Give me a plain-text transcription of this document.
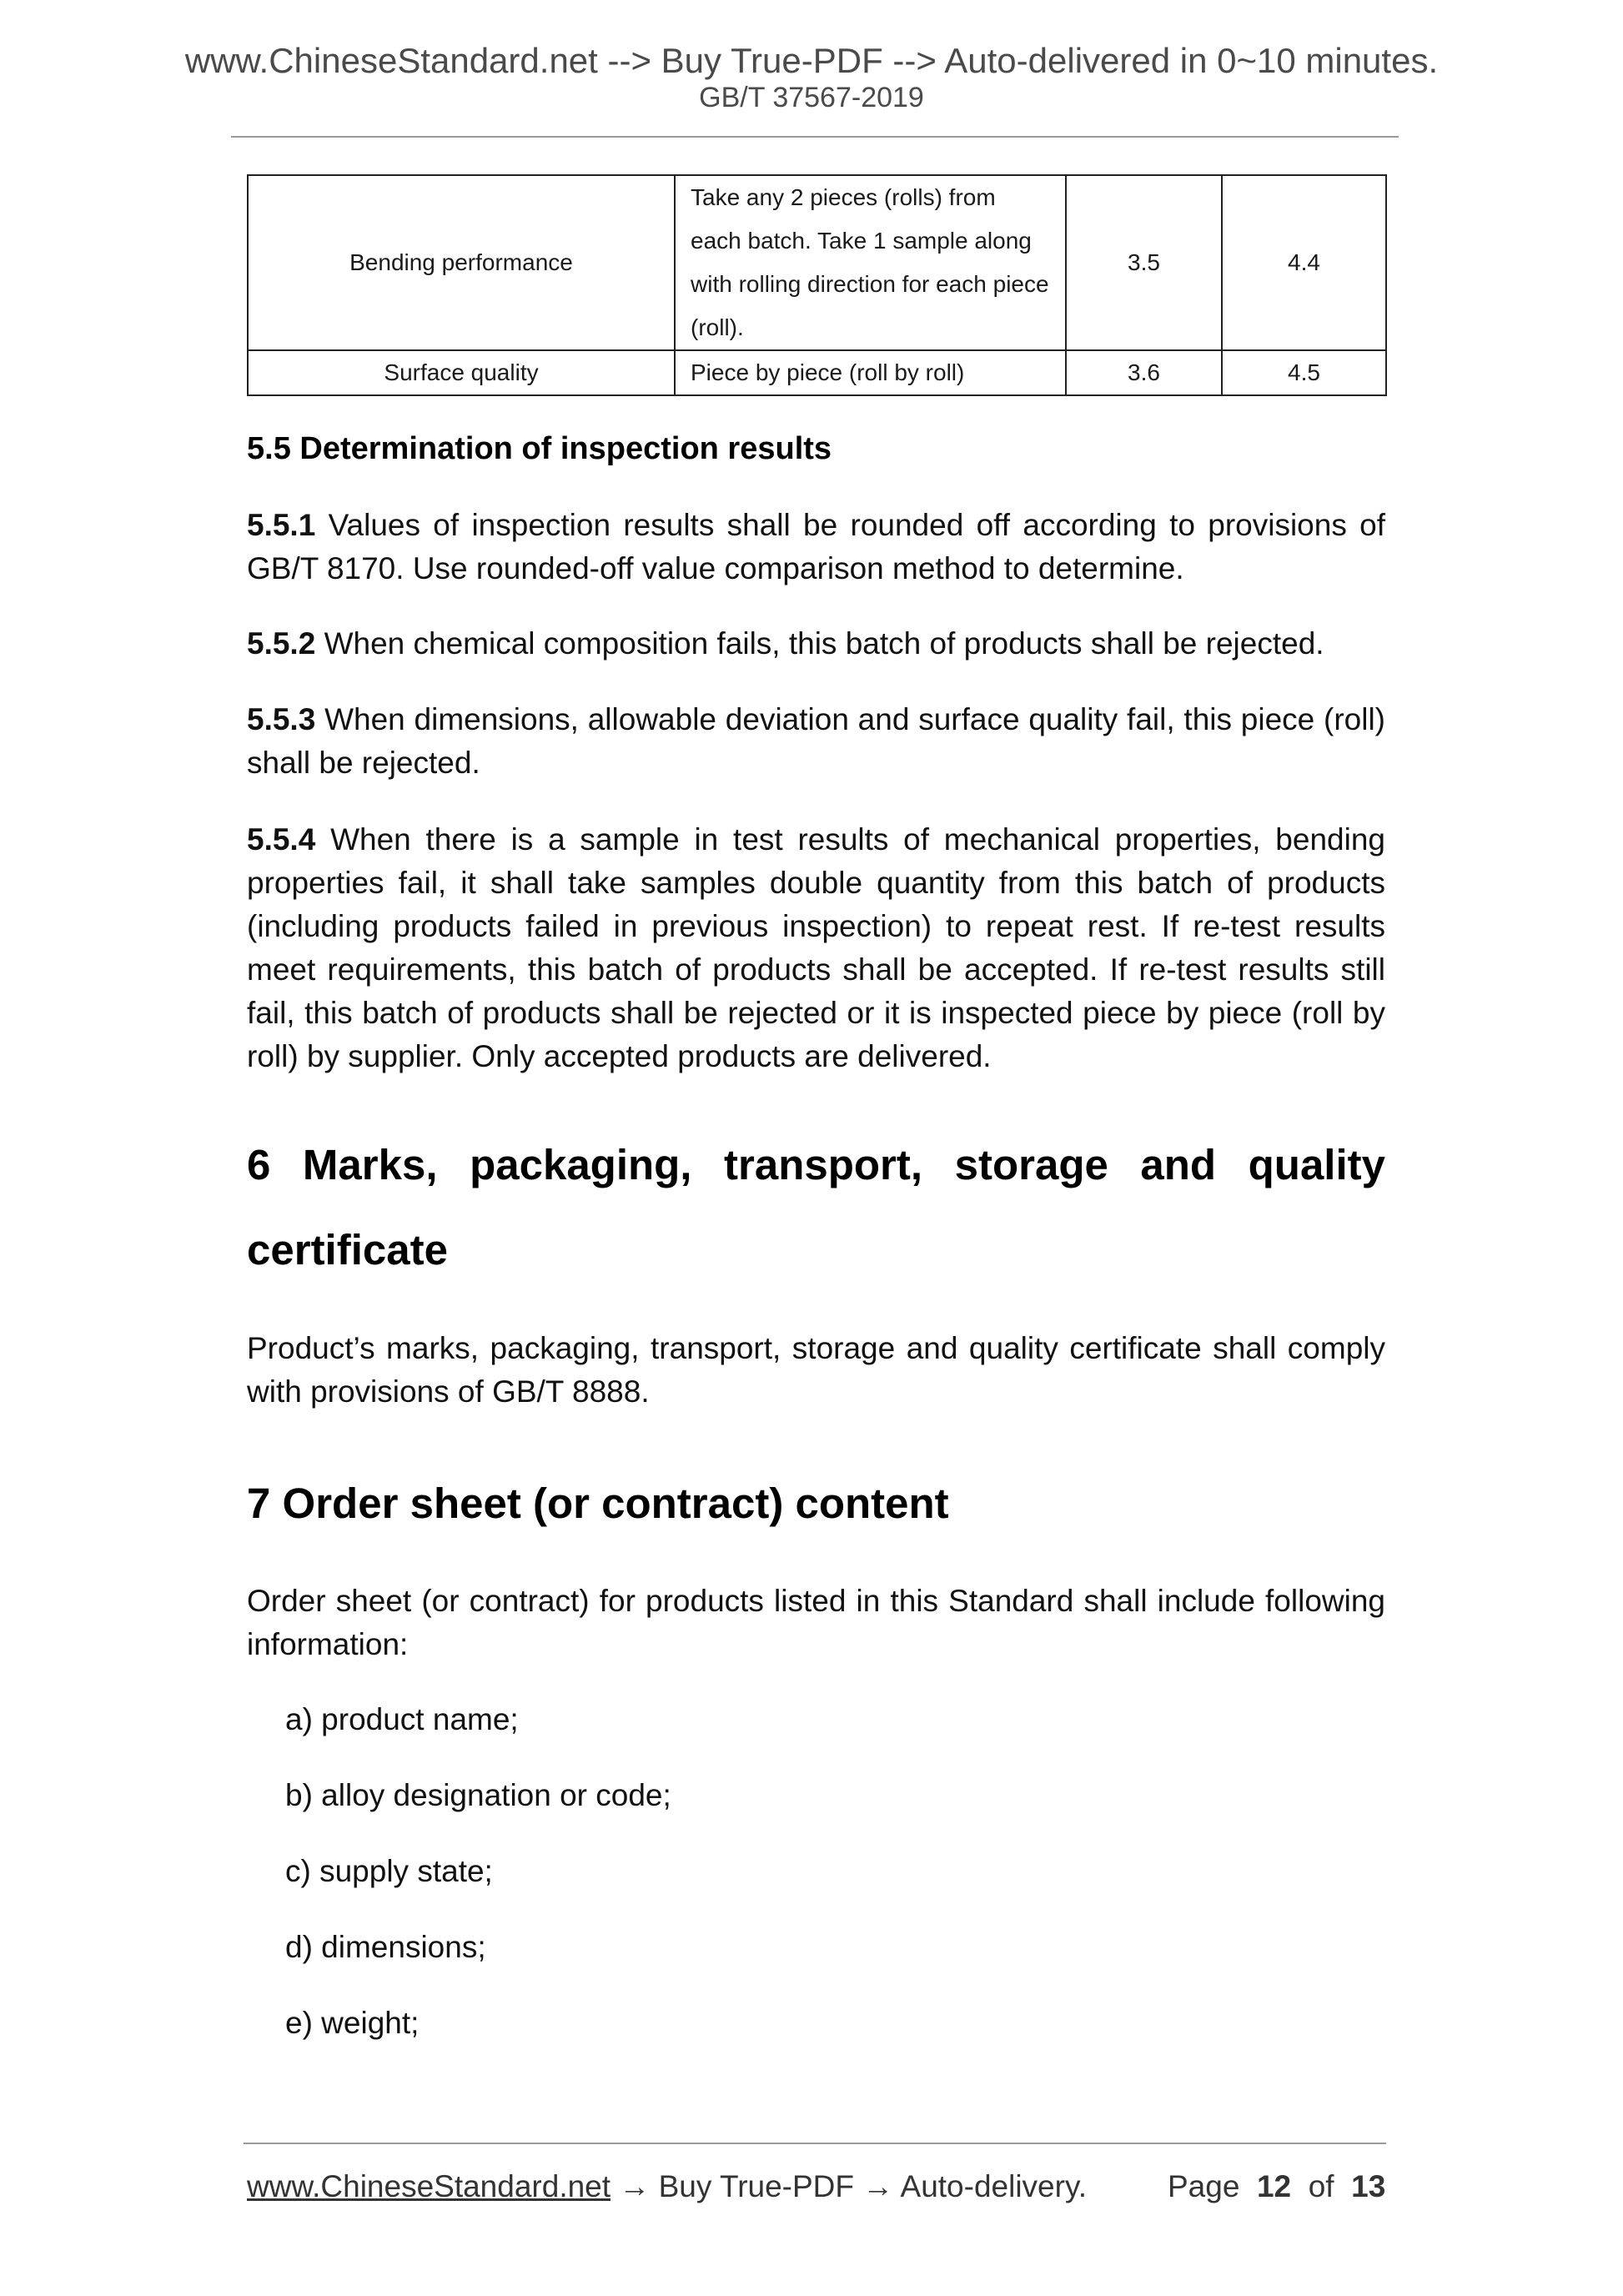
www.ChineseStandard.net --> Buy True-PDF --> Auto-delivered in 0~10 minutes.
GB/T 37567-2019
Bending performance	Take any 2 pieces (rolls) from each batch. Take 1 sample along with rolling direction for each piece (roll).	3.5	4.4
Surface quality	Piece by piece (roll by roll)	3.6	4.5
5.5 Determination of inspection results

5.5.1 Values of inspection results shall be rounded off according to provisions of GB/T 8170. Use rounded-off value comparison method to determine.

5.5.2 When chemical composition fails, this batch of products shall be rejected.

5.5.3 When dimensions, allowable deviation and surface quality fail, this piece (roll) shall be rejected.

5.5.4 When there is a sample in test results of mechanical properties, bending properties fail, it shall take samples double quantity from this batch of products (including products failed in previous inspection) to repeat rest. If re-test results meet requirements, this batch of products shall be accepted. If re-test results still fail, this batch of products shall be rejected or it is inspected piece by piece (roll by roll) by supplier. Only accepted products are delivered.

6 Marks, packaging, transport, storage and quality certificate

Product’s marks, packaging, transport, storage and quality certificate shall comply with provisions of GB/T 8888.

7 Order sheet (or contract) content

Order sheet (or contract) for products listed in this Standard shall include following information:

a) product name;
b) alloy designation or code;
c) supply state;
d) dimensions;
e) weight;
www.ChineseStandard.net → Buy True-PDF → Auto-delivery.	Page 12 of 13
